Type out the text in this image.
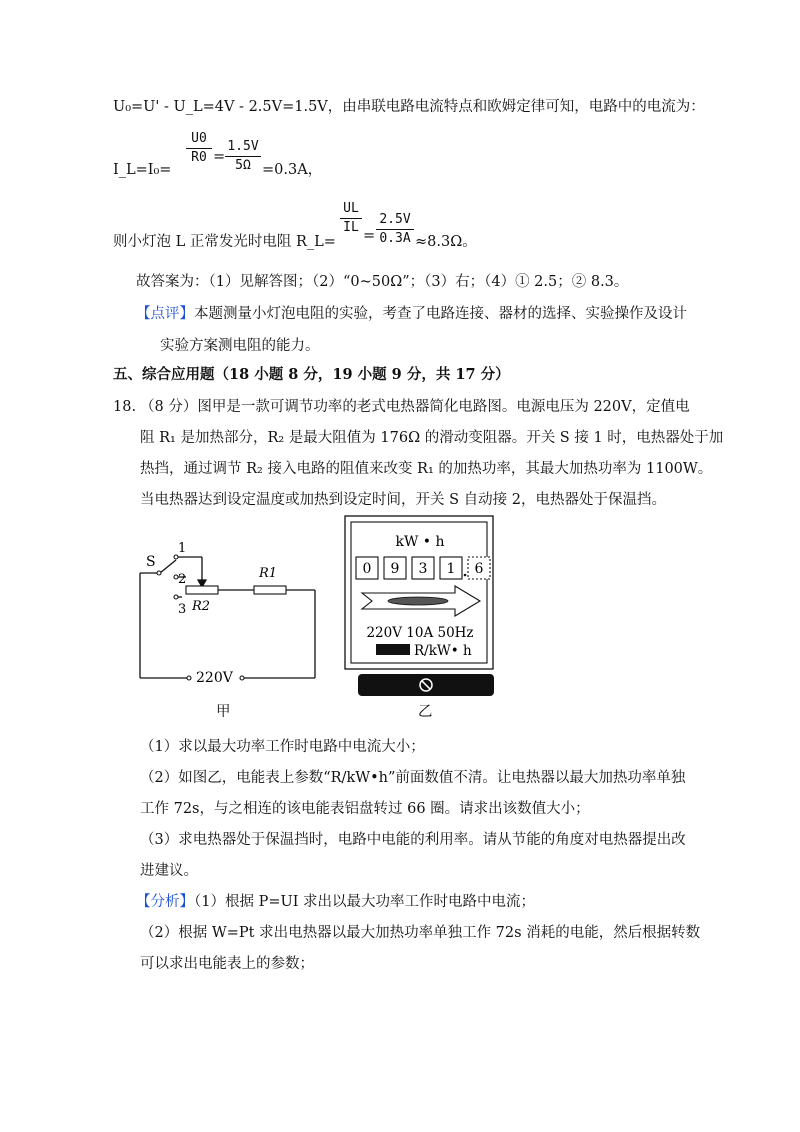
U₀=U' - U_L=4V - 2.5V=1.5V，由串联电路电流特点和欧姆定律可知，电路中的电流为：
I_L=I₀=
U0
R0 =
1.5V
5Ω =0.3A，
则小灯泡 L 正常发光时电阻 R_L=
UL
IL
=
2.5V
0.3A ≈8.3Ω。
故答案为：（1）见解答图；（2）“0~50Ω”；（3）右；（4）① 2.5；② 8.3。
【点评】本题测量小灯泡电阻的实验，考查了电路连接、器材的选择、实验操作及设计
实验方案测电阻的能力。
五、综合应用题（18 小题 8 分，19 小题 9 分，共 17 分）
18. （8 分）图甲是一款可调节功率的老式电热器简化电路图。电源电压为 220V，定值电
阻 R₁ 是加热部分，R₂ 是最大阻值为 176Ω 的滑动变阻器。开关 S 接 1 时，电热器处于加
热挡，通过调节 R₂ 接入电路的阻值来改变 R₁ 的加热功率，其最大加热功率为 1100W。
当电热器达到设定温度或加热到设定时间，开关 S 自动接 2，电热器处于保温挡。
S
1
2
3
R1
R2
220V
甲
kW • h
0 9 3 1 6
220V 10A 50Hz
R/kW• h
乙
（1）求以最大功率工作时电路中电流大小；
（2）如图乙，电能表上参数“R/kW•h”前面数值不清。让电热器以最大加热功率单独
工作 72s，与之相连的该电能表铝盘转过 66 圈。请求出该数值大小；
（3）求电热器处于保温挡时，电路中电能的利用率。请从节能的角度对电热器提出改
进建议。
【分析】（1）根据 P=UI 求出以最大功率工作时电路中电流；
（2）根据 W=Pt 求出电热器以最大加热功率单独工作 72s 消耗的电能，然后根据转数
可以求出电能表上的参数；
